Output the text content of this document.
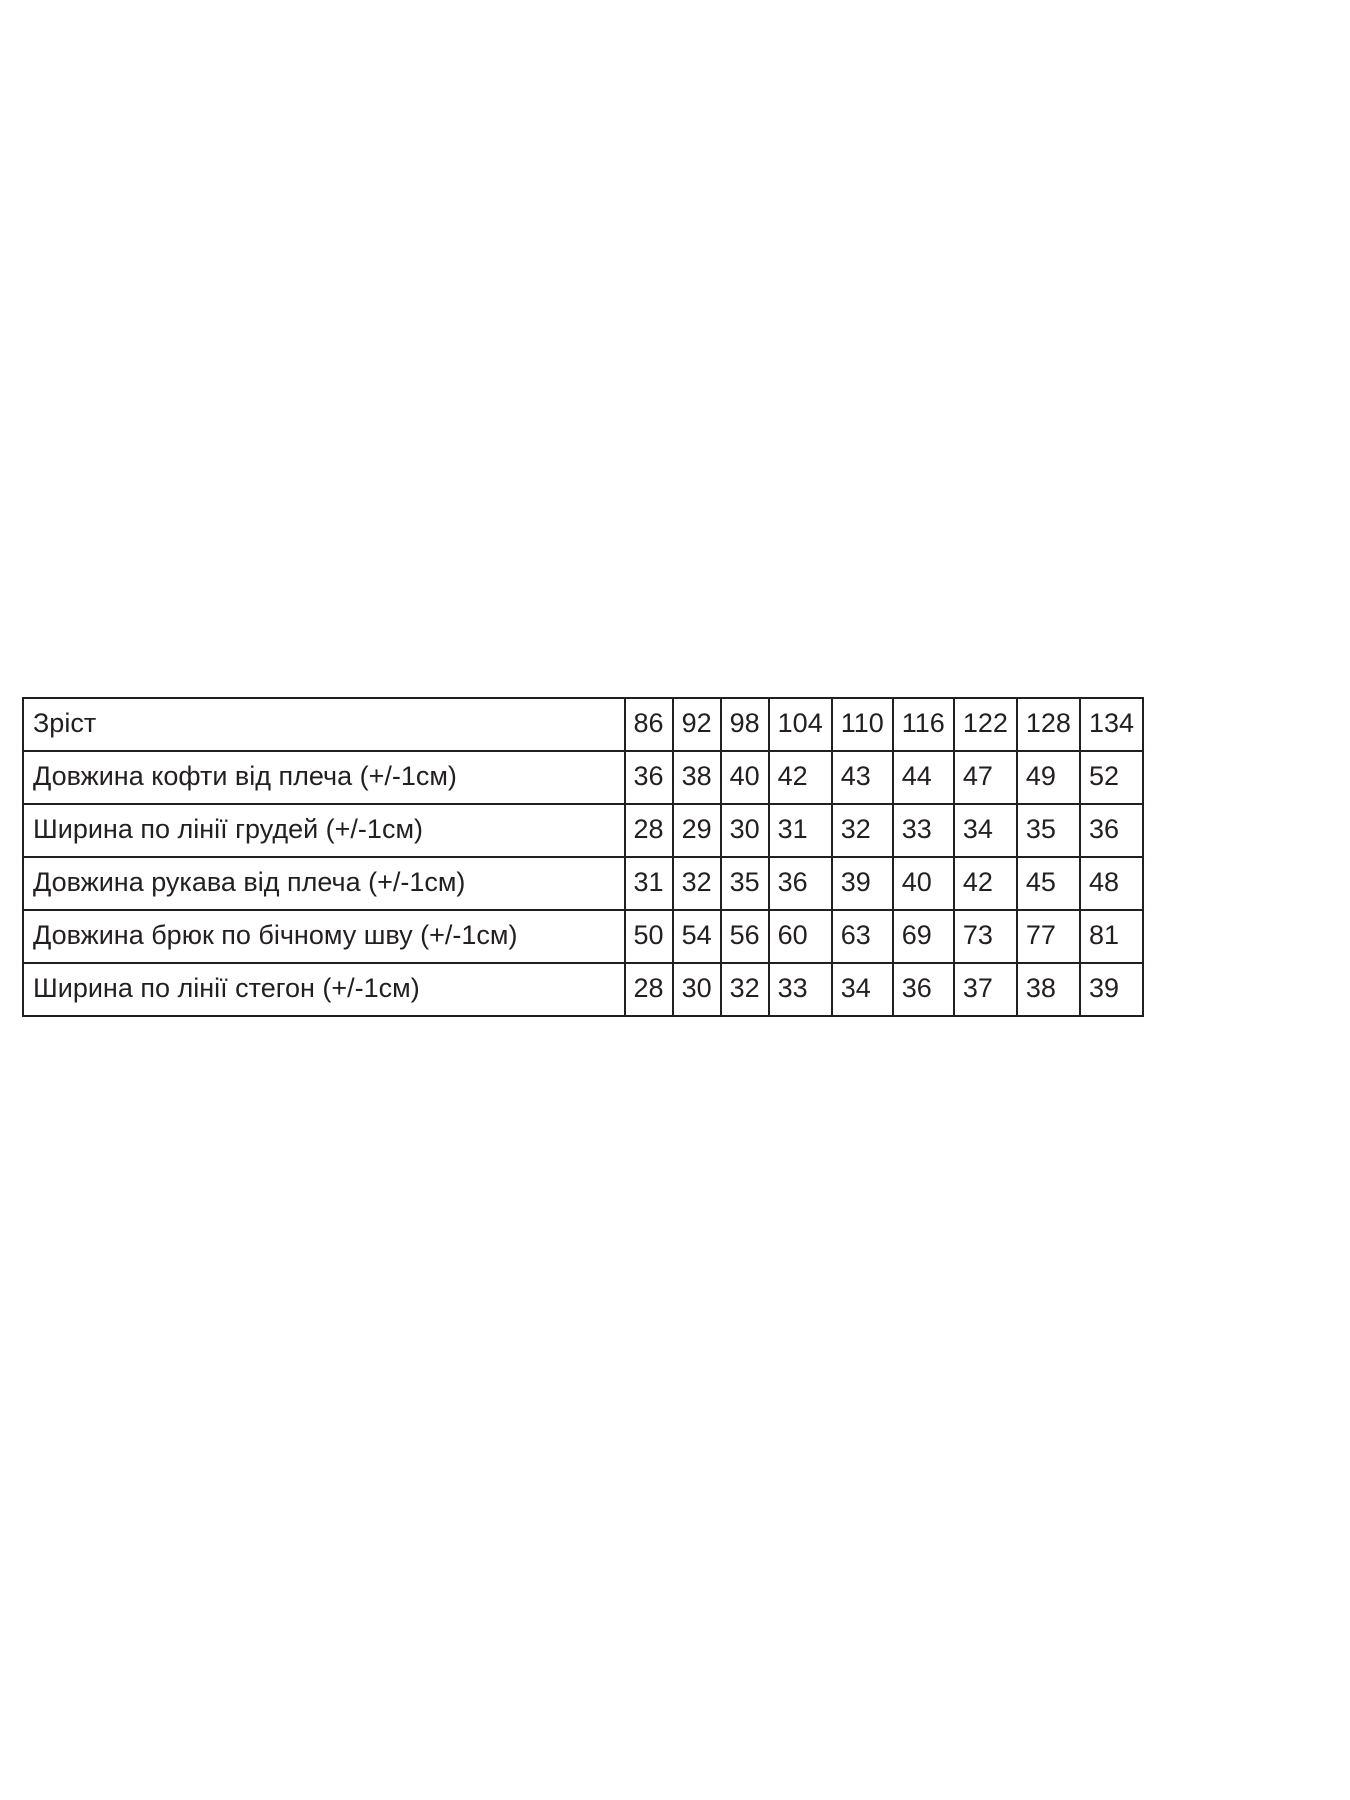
Зріст	86	92	98	104	110	116	122	128	134
Довжина кофти від плеча (+/-1см)	36	38	40	42	43	44	47	49	52
Ширина по лінії грудей (+/-1см)	28	29	30	31	32	33	34	35	36
Довжина рукава від плеча (+/-1см)	31	32	35	36	39	40	42	45	48
Довжина брюк по бічному шву (+/-1см)	50	54	56	60	63	69	73	77	81
Ширина по лінії стегон (+/-1см)	28	30	32	33	34	36	37	38	39
